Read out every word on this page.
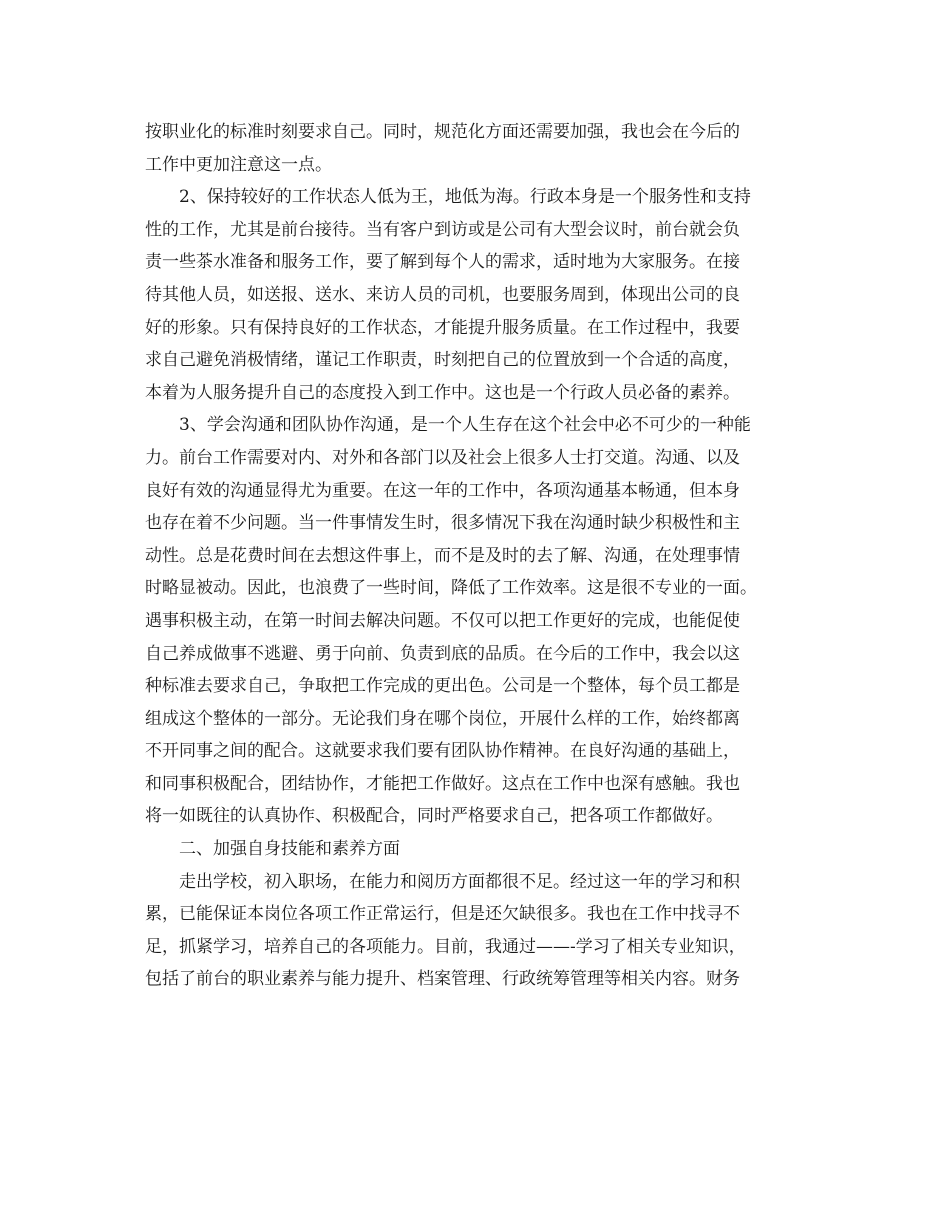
按职业化的标准时刻要求自己。同时，规范化方面还需要加强，我也会在今后的
工作中更加注意这一点。
2、保持较好的工作状态人低为王，地低为海。行政本身是一个服务性和支持
性的工作，尤其是前台接待。当有客户到访或是公司有大型会议时，前台就会负
责一些茶水准备和服务工作，要了解到每个人的需求，适时地为大家服务。在接
待其他人员，如送报、送水、来访人员的司机，也要服务周到，体现出公司的良
好的形象。只有保持良好的工作状态，才能提升服务质量。在工作过程中，我要
求自己避免消极情绪，谨记工作职责，时刻把自己的位置放到一个合适的高度，
本着为人服务提升自己的态度投入到工作中。这也是一个行政人员必备的素养。
3、学会沟通和团队协作沟通，是一个人生存在这个社会中必不可少的一种能
力。前台工作需要对内、对外和各部门以及社会上很多人士打交道。沟通、以及
良好有效的沟通显得尤为重要。在这一年的工作中，各项沟通基本畅通，但本身
也存在着不少问题。当一件事情发生时，很多情况下我在沟通时缺少积极性和主
动性。总是花费时间在去想这件事上，而不是及时的去了解、沟通，在处理事情
时略显被动。因此，也浪费了一些时间，降低了工作效率。这是很不专业的一面。
遇事积极主动，在第一时间去解决问题。不仅可以把工作更好的完成，也能促使
自己养成做事不逃避、勇于向前、负责到底的品质。在今后的工作中，我会以这
种标准去要求自己，争取把工作完成的更出色。公司是一个整体，每个员工都是
组成这个整体的一部分。无论我们身在哪个岗位，开展什么样的工作，始终都离
不开同事之间的配合。这就要求我们要有团队协作精神。在良好沟通的基础上，
和同事积极配合，团结协作，才能把工作做好。这点在工作中也深有感触。我也
将一如既往的认真协作、积极配合，同时严格要求自己，把各项工作都做好。
二、加强自身技能和素养方面
走出学校，初入职场，在能力和阅历方面都很不足。经过这一年的学习和积
累，已能保证本岗位各项工作正常运行，但是还欠缺很多。我也在工作中找寻不
足，抓紧学习，培养自己的各项能力。目前，我通过——-学习了相关专业知识，
包括了前台的职业素养与能力提升、档案管理、行政统筹管理等相关内容。财务
